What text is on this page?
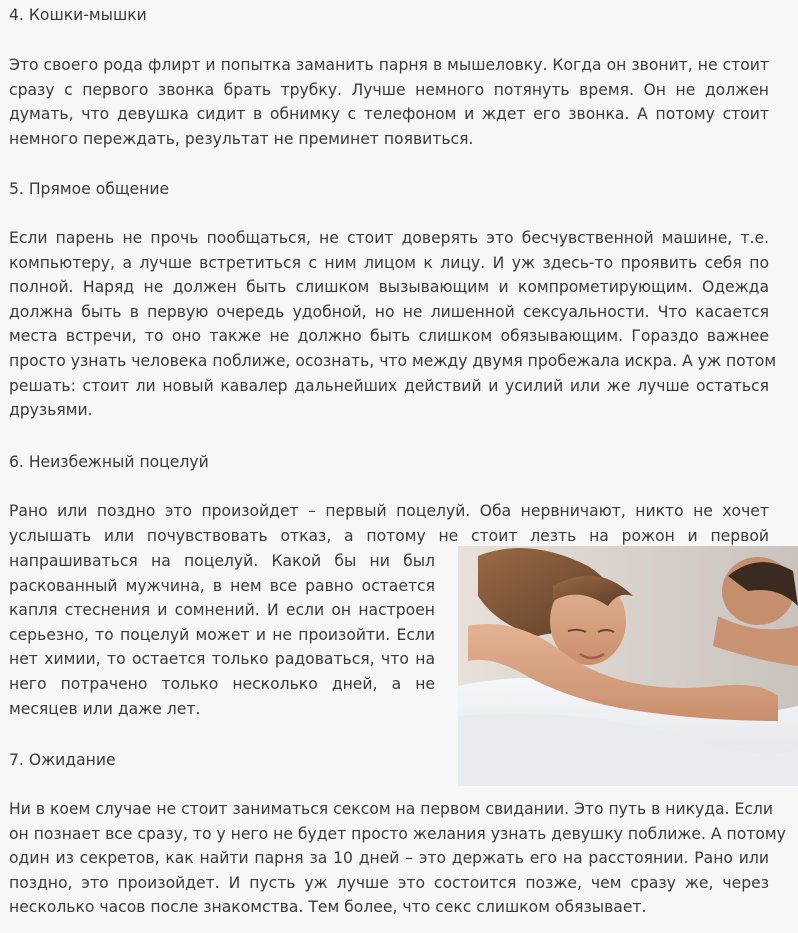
4. Кошки-мышки
Это своего рода флирт и попытка заманить парня в мышеловку. Когда он звонит, не стоит
сразу с первого звонка брать трубку. Лучше немного потянуть время. Он не должен
думать, что девушка сидит в обнимку с телефоном и ждет его звонка. А потому стоит
немного переждать, результат не преминет появиться.
5. Прямое общение
Если парень не прочь пообщаться, не стоит доверять это бесчувственной машине, т.е.
компьютеру, а лучше встретиться с ним лицом к лицу. И уж здесь-то проявить себя по
полной. Наряд не должен быть слишком вызывающим и компрометирующим. Одежда
должна быть в первую очередь удобной, но не лишенной сексуальности. Что касается
места встречи, то оно также не должно быть слишком обязывающим. Гораздо важнее
просто узнать человека поближе, осознать, что между двумя пробежала искра. А уж потом
решать: стоит ли новый кавалер дальнейших действий и усилий или же лучше остаться
друзьями.
6. Неизбежный поцелуй
Рано или поздно это произойдет – первый поцелуй. Оба нервничают, никто не хочет
услышать или почувствовать отказ, а потому не стоит лезть на рожон и первой
напрашиваться на поцелуй. Какой бы ни был
раскованный мужчина, в нем все равно остается
капля стеснения и сомнений. И если он настроен
серьезно, то поцелуй может и не произойти. Если
нет химии, то остается только радоваться, что на
него потрачено только несколько дней, а не
месяцев или даже лет.
7. Ожидание
Ни в коем случае не стоит заниматься сексом на первом свидании. Это путь в никуда. Если
он познает все сразу, то у него не будет просто желания узнать девушку поближе. А потому
один из секретов, как найти парня за 10 дней – это держать его на расстоянии. Рано или
поздно, это произойдет. И пусть уж лучше это состоится позже, чем сразу же, через
несколько часов после знакомства. Тем более, что секс слишком обязывает.
